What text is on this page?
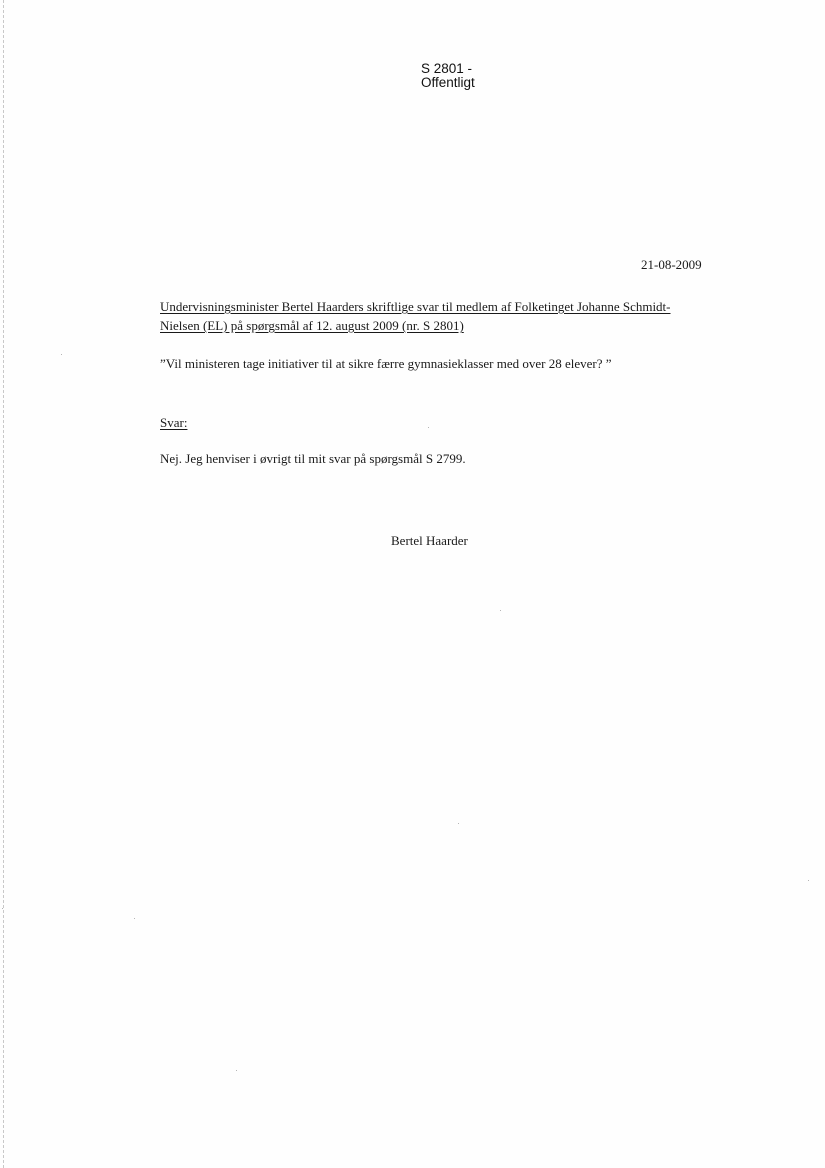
S 2801 -
Offentligt
21-08-2009
Undervisningsminister Bertel Haarders skriftlige svar til medlem af Folketinget Johanne Schmidt-Nielsen (EL) på spørgsmål af 12. august 2009 (nr. S 2801)
”Vil ministeren tage initiativer til at sikre færre gymnasieklasser med over 28 elever? ”
Svar:
Nej. Jeg henviser i øvrigt til mit svar på spørgsmål S 2799.
Bertel Haarder
